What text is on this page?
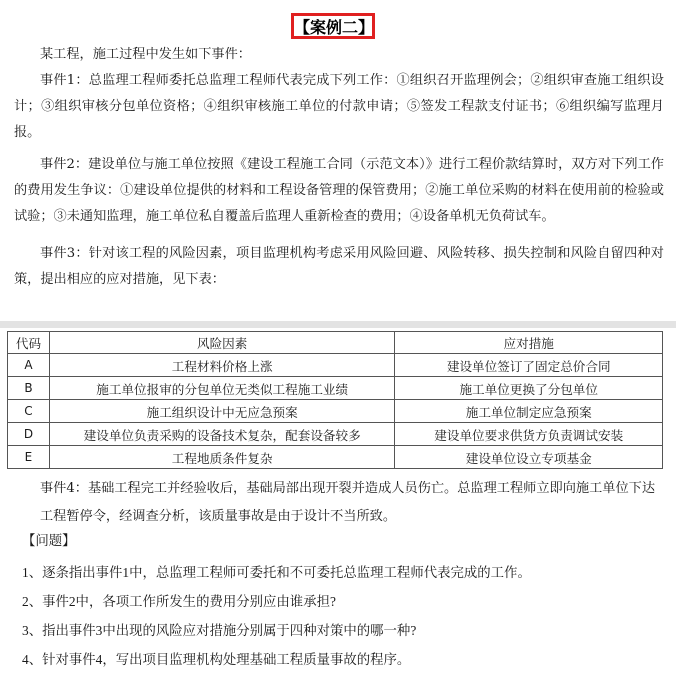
【案例二】

某工程，施工过程中发生如下事件：

事件1：总监理工程师委托总监理工程师代表完成下列工作：①组织召开监理例会；②组织审查施工组织设计；③组织审核分包单位资格；④组织审核施工单位的付款申请；⑤签发工程款支付证书；⑥组织编写监理月报。

事件2：建设单位与施工单位按照《建设工程施工合同（示范文本）》进行工程价款结算时，双方对下列工作的费用发生争议：①建设单位提供的材料和工程设备管理的保管费用；②施工单位采购的材料在使用前的检验或试验；③未通知监理，施工单位私自覆盖后监理人重新检查的费用；④设备单机无负荷试车。

事件3：针对该工程的风险因素，项目监理机构考虑采用风险回避、风险转移、损失控制和风险自留四种对策，提出相应的应对措施，见下表：

代码	风险因素	应对措施
A	工程材料价格上涨	建设单位签订了固定总价合同
B	施工单位报审的分包单位无类似工程施工业绩	施工单位更换了分包单位
C	施工组织设计中无应急预案	施工单位制定应急预案
D	建设单位负责采购的设备技术复杂，配套设备较多	建设单位要求供货方负责调试安装
E	工程地质条件复杂	建设单位设立专项基金

事件4：基础工程完工并经验收后，基础局部出现开裂并造成人员伤亡。总监理工程师立即向施工单位下达工程暂停令，经调查分析，该质量事故是由于设计不当所致。

【问题】

1、逐条指出事件1中，总监理工程师可委托和不可委托总监理工程师代表完成的工作。

2、事件2中，各项工作所发生的费用分别应由谁承担?

3、指出事件3中出现的风险应对措施分别属于四种对策中的哪一种?

4、针对事件4，写出项目监理机构处理基础工程质量事故的程序。
